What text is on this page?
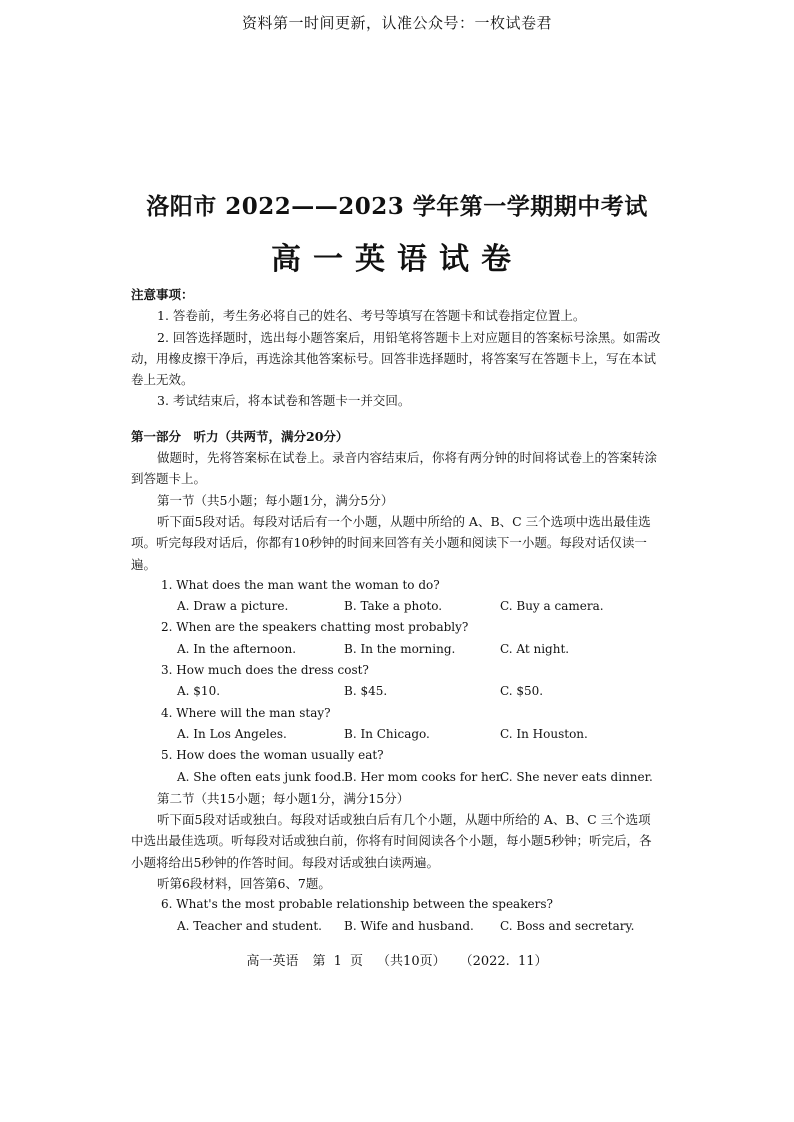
资料第一时间更新，认准公众号：一枚试卷君
洛阳市 2022——2023 学年第一学期期中考试
高一英语试卷

注意事项：

1. 答卷前，考生务必将自己的姓名、考号等填写在答题卡和试卷指定位置上。

2. 回答选择题时，选出每小题答案后，用铅笔将答题卡上对应题目的答案标号涂黑。如需改动，用橡皮擦干净后，再选涂其他答案标号。回答非选择题时，将答案写在答题卡上，写在本试卷上无效。

3. 考试结束后，将本试卷和答题卡一并交回。

第一部分　听力（共两节，满分20分）

做题时，先将答案标在试卷上。录音内容结束后，你将有两分钟的时间将试卷上的答案转涂到答题卡上。

第一节（共5小题；每小题1分，满分5分）

听下面5段对话。每段对话后有一个小题，从题中所给的 A、B、C 三个选项中选出最佳选项。听完每段对话后，你都有10秒钟的时间来回答有关小题和阅读下一小题。每段对话仅读一遍。

1. What does the man want the woman to do?

A. Draw a picture.	B. Take a photo.	C. Buy a camera.

2. When are the speakers chatting most probably?

A. In the afternoon.	B. In the morning.	C. At night.

3. How much does the dress cost?

A. $10.	B. $45.	C. $50.

4. Where will the man stay?

A. In Los Angeles.	B. In Chicago.	C. In Houston.

5. How does the woman usually eat?

A. She often eats junk food. B. Her mom cooks for her.
C. She never eats dinner.

第二节（共15小题；每小题1分，满分15分）

听下面5段对话或独白。每段对话或独白后有几个小题，从题中所给的 A、B、C 三个选项中选出最佳选项。听每段对话或独白前，你将有时间阅读各个小题，每小题5秒钟；听完后，各小题将给出5秒钟的作答时间。每段对话或独白读两遍。

听第6段材料，回答第6、7题。

6. What's the most probable relationship between the speakers?

A. Teacher and student. B. Wife and husband. C. Boss and secretary.
高一英语 第 1 页 （共10页） （2022. 11）
